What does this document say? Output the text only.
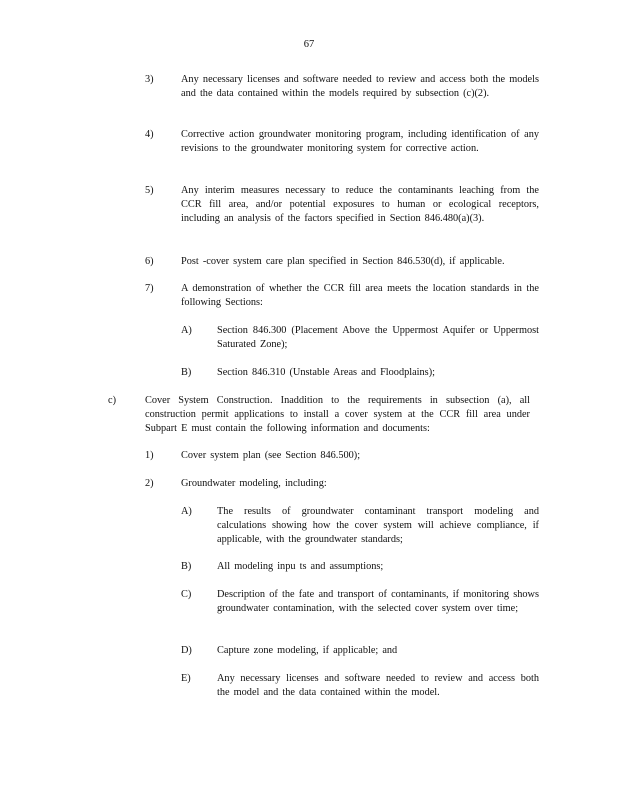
67
3)	Any necessary licenses and software needed to review and access both the models and the data contained within the models required by subsection (c)(2).
4)	Corrective action groundwater monitoring program, including identification of any revisions to the groundwater monitoring system for corrective action.
5)	Any interim measures necessary to reduce the contaminants leaching from the CCR fill area, and/or potential exposures to human or ecological receptors, including an analysis of the factors specified in Section 846.480(a)(3).
6)	Post -cover system care plan specified in Section 846.530(d), if applicable.
7)	A demonstration of whether the CCR fill area meets the location standards in the following Sections:
A) Section 846.300 (Placement Above the Uppermost Aquifer or Uppermost Saturated Zone);
B) Section 846.310 (Unstable Areas and Floodplains);
c)	Cover System Construction. Inaddition to the requirements in subsection (a), all construction permit applications to install a cover system at the CCR fill area under Subpart E must contain the following information and documents:
1)	Cover system plan (see Section 846.500);
2)	Groundwater modeling, including:
A) The results of groundwater contaminant transport modeling and calculations showing how the cover system will achieve compliance, if applicable, with the groundwater standards;
B) All modeling inpu ts and assumptions;
C) Description of the fate and transport of contaminants, if monitoring shows groundwater contamination, with the selected cover system over time;
D) Capture zone modeling, if applicable; and
E)	Any necessary licenses and software needed to review and access both the model and the data contained within the model.
